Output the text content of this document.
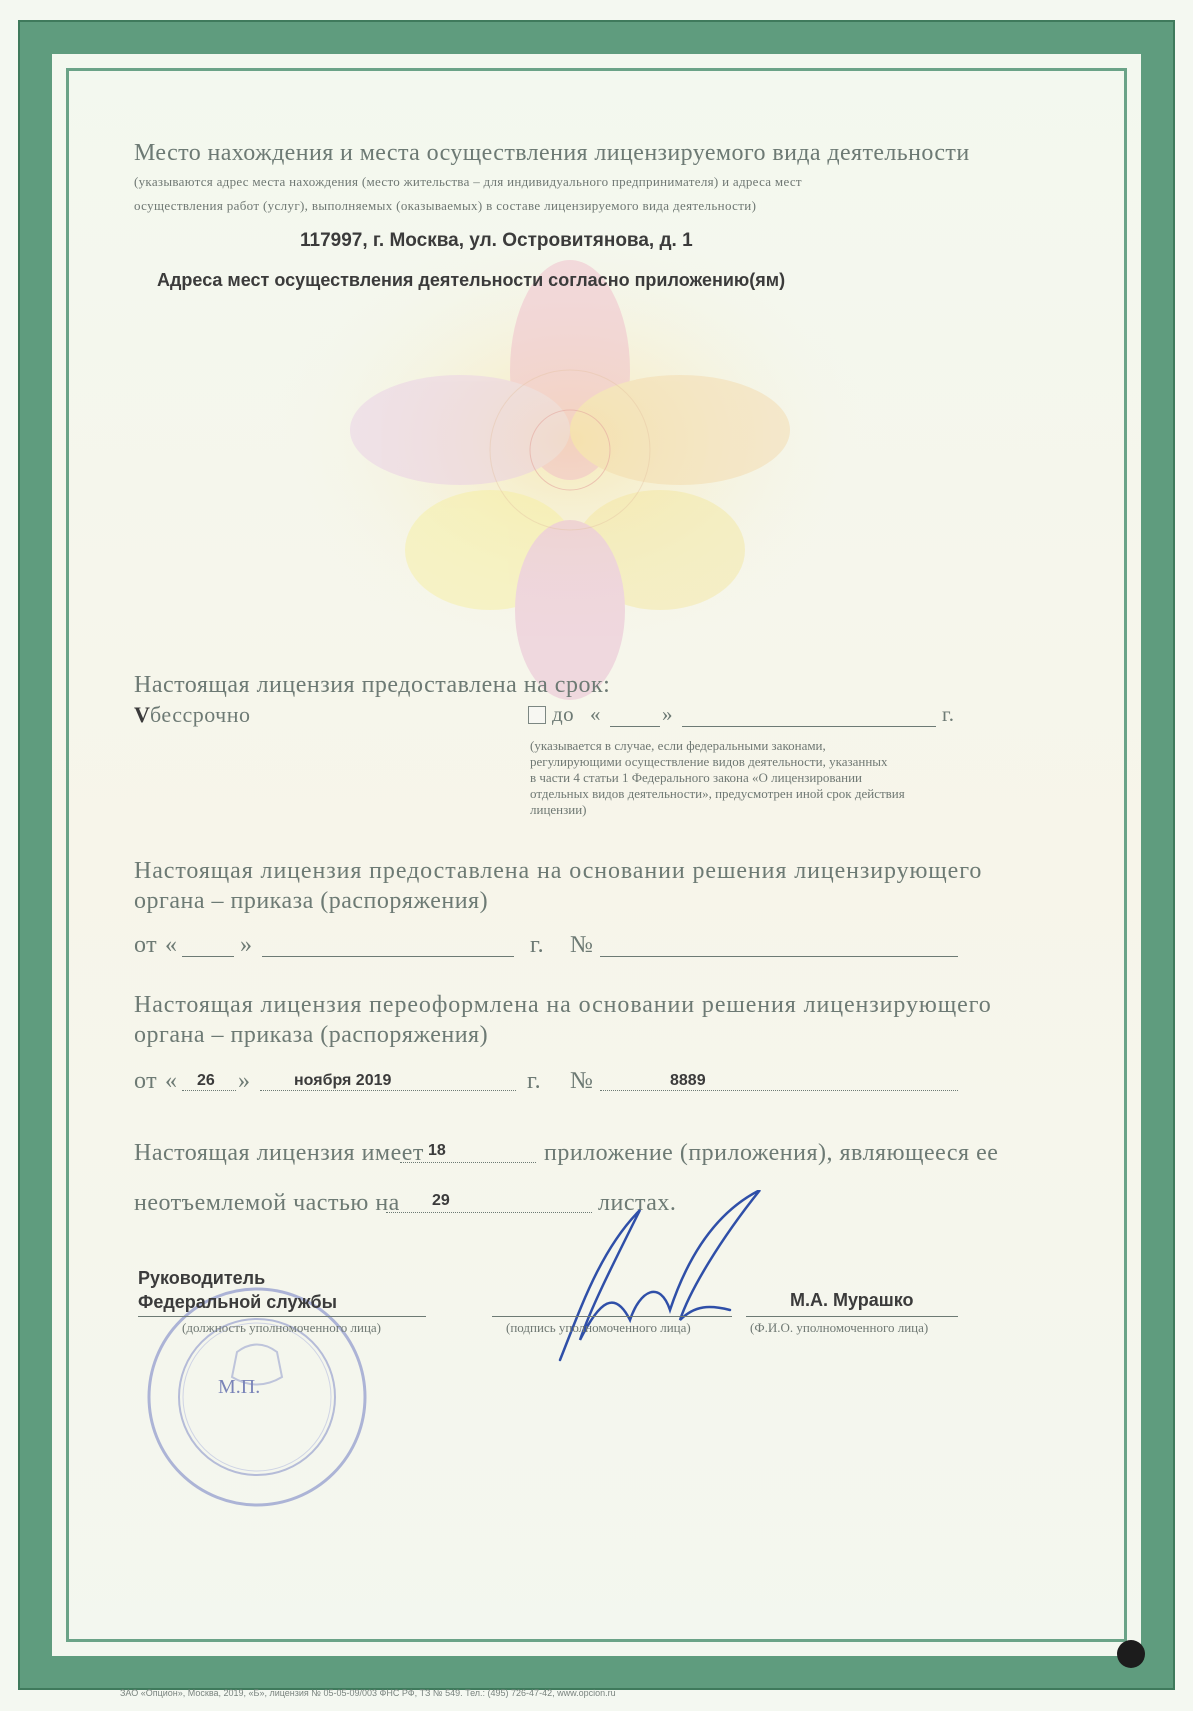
Место нахождения и места осуществления лицензируемого вида деятельности
(указываются адрес места нахождения (место жительства – для индивидуального предпринимателя) и адреса мест
осуществления работ (услуг), выполняемых (оказываемых) в составе лицензируемого вида деятельности)
117997, г. Москва, ул. Островитянова, д. 1
Адреса мест осуществления деятельности согласно приложению(ям)
Настоящая лицензия предоставлена на срок:
V бессрочно	до «	»	г.
(указывается в случае, если федеральными законами,
регулирующими осуществление видов деятельности, указанных
в части 4 статьи 1 Федерального закона «О лицензировании
отдельных видов деятельности», предусмотрен иной срок действия
лицензии)
Настоящая лицензия предоставлена на основании решения лицензирующего
органа – приказа (распоряжения)
от «	»	г. №
Настоящая лицензия переоформлена на основании решения лицензирующего
органа – приказа (распоряжения)
от « 26 »	ноября 2019	г. №	8889
Настоящая лицензия имеет 18	приложение (приложения), являющееся ее
неотъемлемой частью на 29	листах.
М.П.
Руководитель
Федеральной службы
(должность уполномоченного лица)	(подпись уполномоченного лица)
М.А. Мурашко
(Ф.И.О. уполномоченного лица)
ЗАО «Опцион», Москва, 2019, «Б», лицензия № 05-05-09/003 ФНС РФ, ТЗ № 549. Тел.: (495) 726-47-42, www.opcion.ru
